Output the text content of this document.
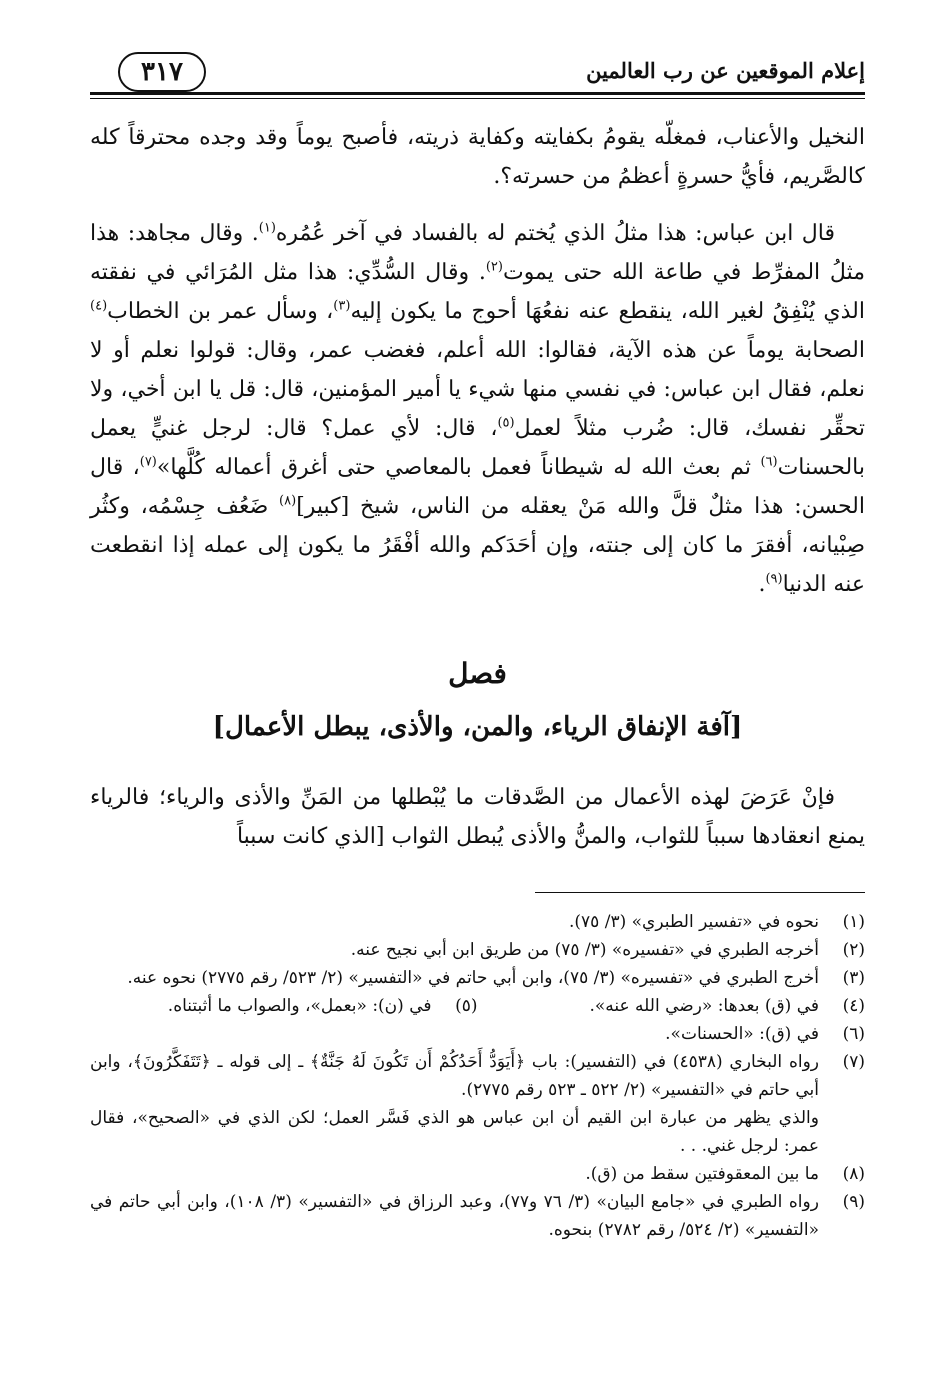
٣١٧	إعلام الموقعين عن رب العالمين

النخيل والأعناب، فمغلّه يقومُ بكفايته وكفاية ذريته، فأصبح يوماً وقد وجده محترقاً كله كالصَّريم، فأيُّ حسرةٍ أعظمُ من حسرته؟.

قال ابن عباس: هذا مثلُ الذي يُختم له بالفساد في آخر عُمُره$^{(١)}$. وقال مجاهد: هذا مثلُ المفرِّط في طاعة الله حتى يموت$^{(٢)}$. وقال السُّدِّي: هذا مثل المُرَائي في نفقته الذي يُنْفِقُ لغير الله، ينقطع عنه نفعُهَا أحوج ما يكون إليه$^{(٣)}$، وسأل عمر بن الخطاب$^{(٤)}$ الصحابة يوماً عن هذه الآية، فقالوا: الله أعلم، فغضب عمر، وقال: قولوا نعلم أو لا نعلم، فقال ابن عباس: في نفسي منها شيء يا أمير المؤمنين، قال: قل يا ابن أخي، ولا تحقِّر نفسك، قال: ضُرب مثلاً لعمل$^{(٥)}$، قال: لأي عمل؟ قال: لرجل غنيٍّ يعمل بالحسنات$^{(٦)}$ ثم بعث الله له شيطاناً فعمل بالمعاصي حتى أغرق أعماله كُلَّها»$^{(٧)}$، قال الحسن: هذا مثلٌ قلَّ والله مَنْ يعقله من الناس، شيخ [كبير]$^{(٨)}$ ضَعُف جِسْمُه، وكثُر صِبْيانه، أفقرَ ما كان إلى جنته، وإن أحَدَكم والله أفْقَرُ ما يكون إلى عمله إذا انقطعت عنه الدنيا$^{(٩)}$.

فصل
[آفة الإنفاق الرياء، والمن، والأذى، يبطل الأعمال]

فإنْ عَرَضَ لهذه الأعمال من الصَّدقات ما يُبْطلها من المَنِّ والأذى والرياء؛ فالرياء يمنع انعقادها سبباً للثواب، والمنُّ والأذى يُبطل الثواب [الذي كانت سبباً

(١)
نحوه في «تفسير الطبري» (٣/ ٧٥).
(٢)
أخرجه الطبري في «تفسيره» (٣/ ٧٥) من طريق ابن أبي نجيح عنه.
(٣)
أخرج الطبري في «تفسيره» (٣/ ٧٥)، وابن أبي حاتم في «التفسير» (٢/ ٥٢٣/ رقم ٢٧٧٥) نحوه عنه.
(٤)
في (ق) بعدها: «رضي الله عنه».
(٥)
في (ن): «بعمل»، والصواب ما أثبتناه.
(٦)
في (ق): «الحسنات».
(٧)
رواه البخاري (٤٥٣٨) في (التفسير): باب ﴿أَيَوَدُّ أَحَدُكُمْ أَن تَكُونَ لَهُ جَنَّةٌ﴾ ـ إلى قوله ـ ﴿تَتَفَكَّرُونَ﴾، وابن أبي حاتم في «التفسير» (٢/ ٥٢٢ ـ ٥٢٣ رقم ٢٧٧٥).
والذي يظهر من عبارة ابن القيم أن ابن عباس هو الذي فَسَّر العمل؛ لكن الذي في «الصحيح»، فقال عمر: لرجل غني. . .
(٨)
ما بين المعقوفتين سقط من (ق).
(٩)
رواه الطبري في «جامع البيان» (٣/ ٧٦ و٧٧)، وعبد الرزاق في «التفسير» (٣/ ١٠٨)، وابن أبي حاتم في «التفسير» (٢/ ٥٢٤/ رقم ٢٧٨٢) بنحوه.
